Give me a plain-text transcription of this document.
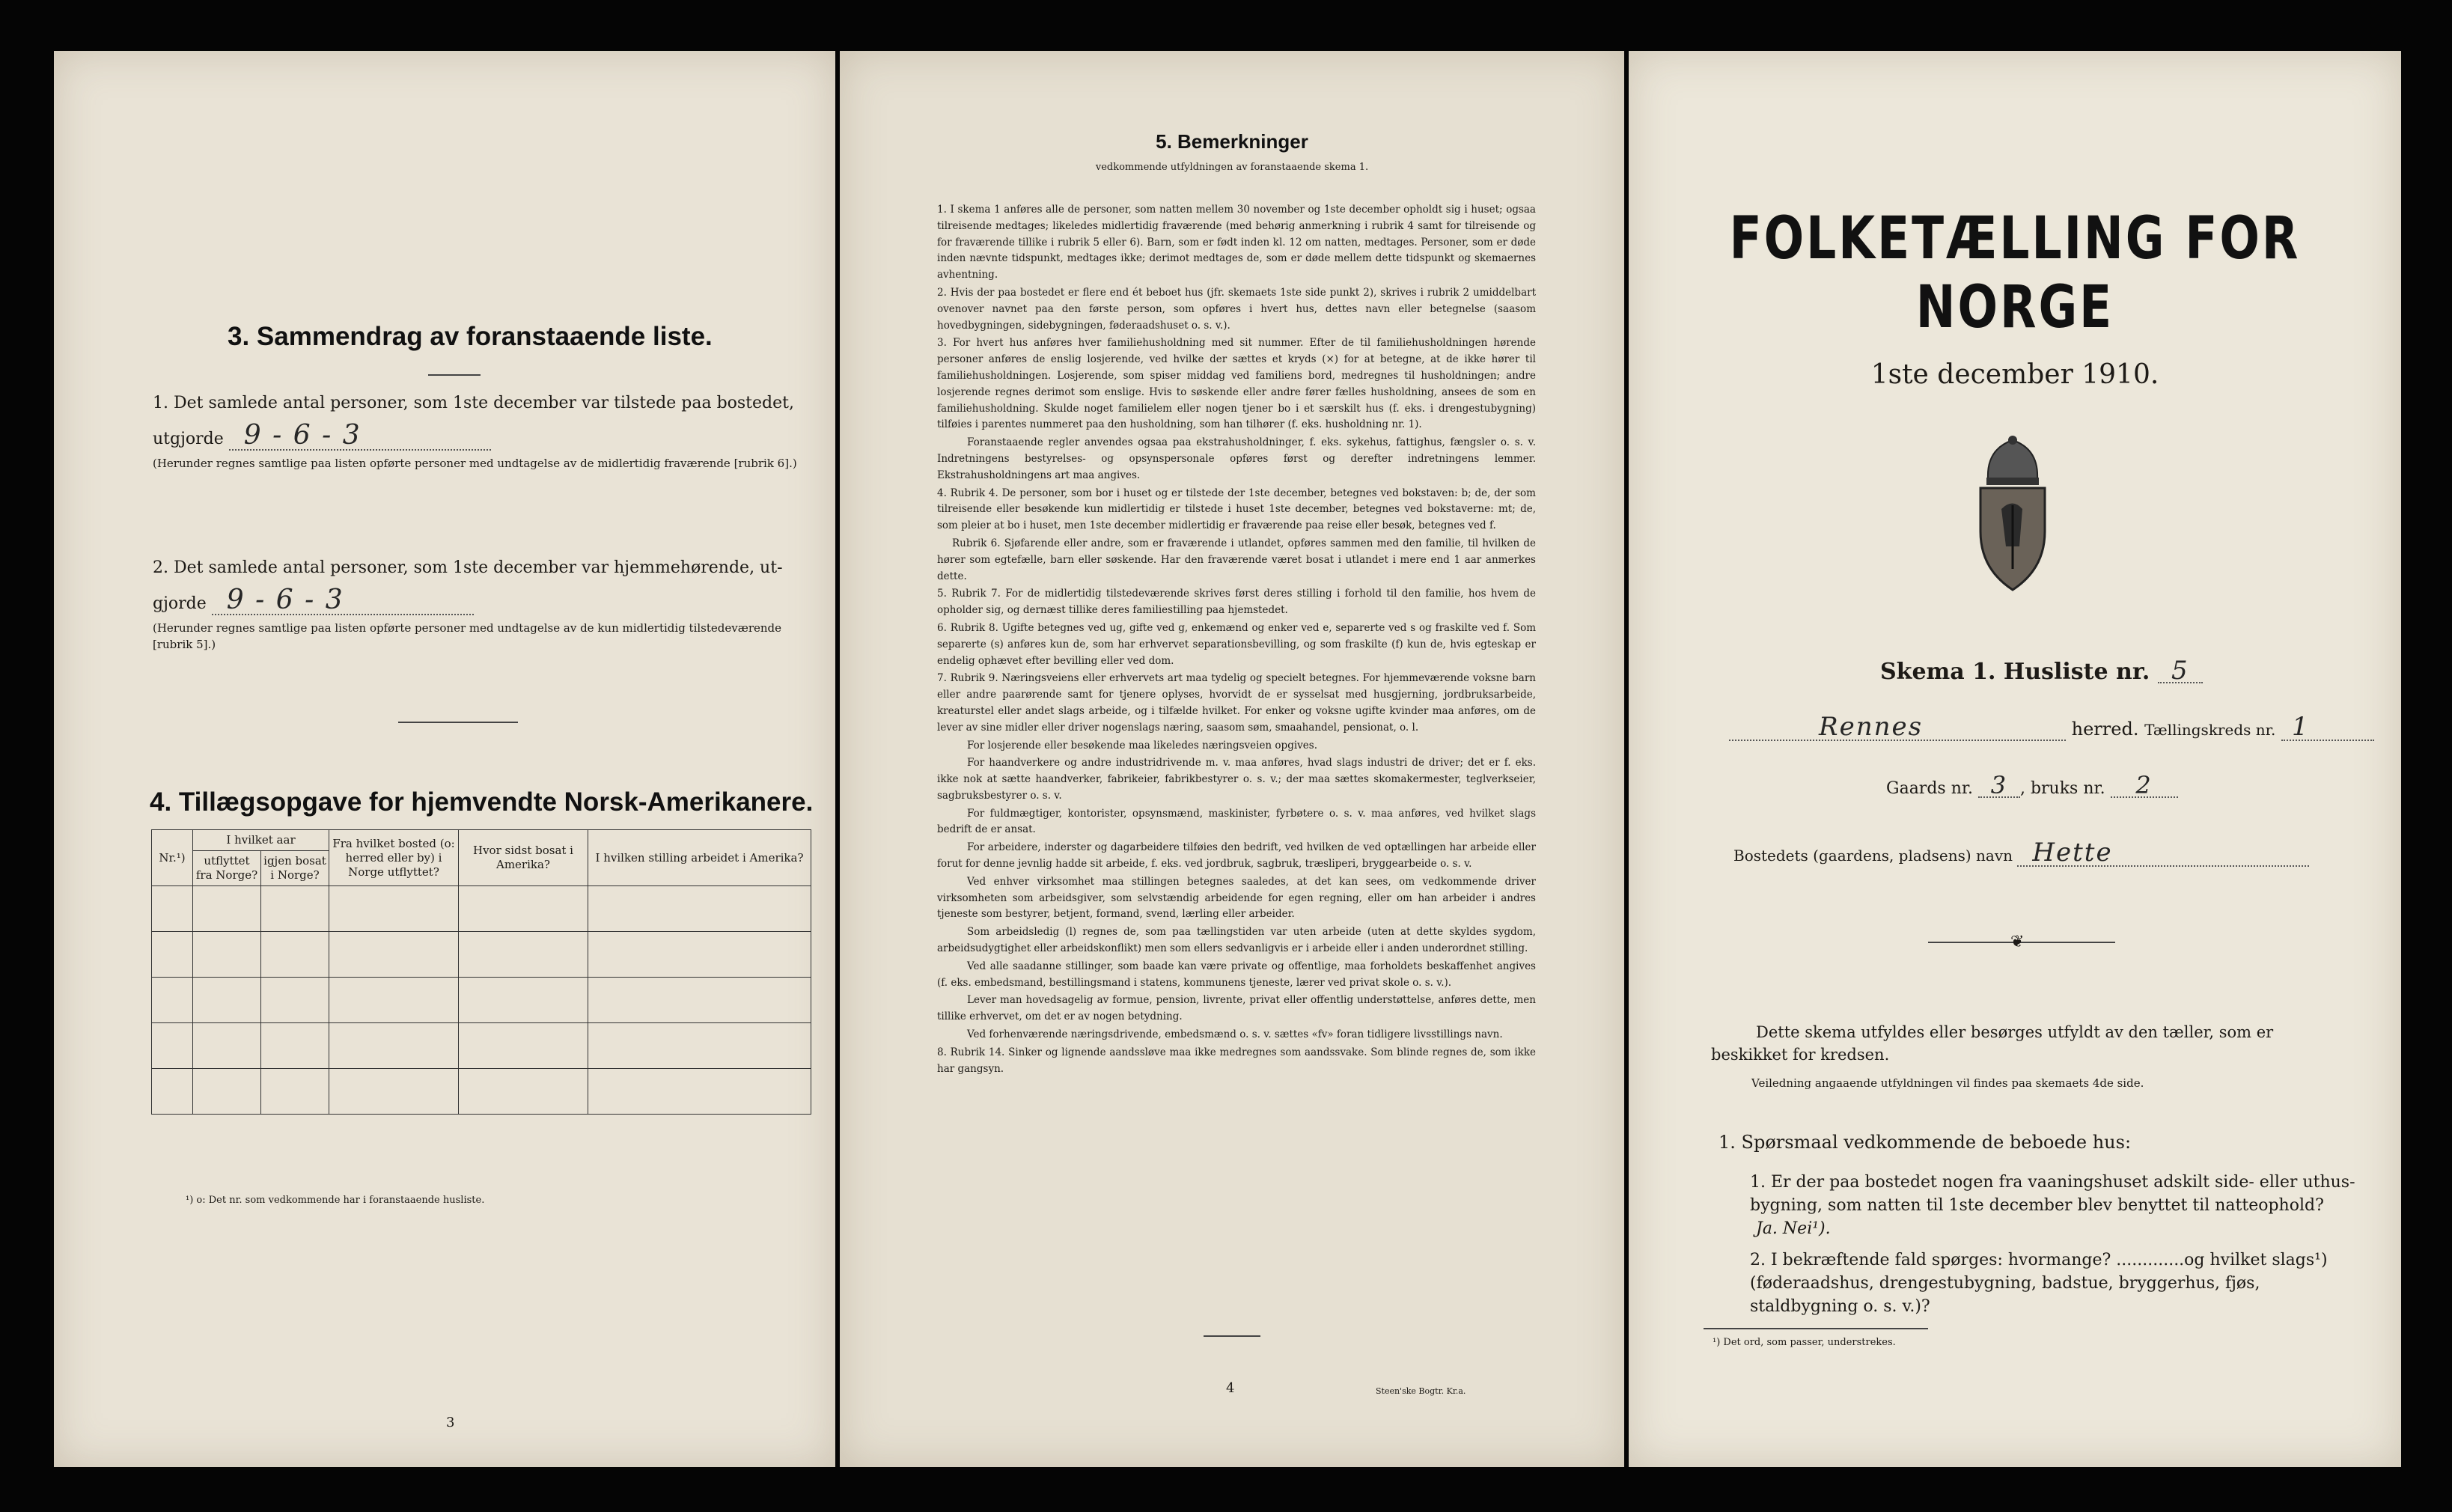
3. Sammendrag av foranstaaende liste.
1. Det samlede antal personer, som 1ste december var tilstede paa bostedet,
utgjorde 9 - 6 - 3
(Herunder regnes samtlige paa listen opførte personer med undtagelse av de midlertidig fraværende [rubrik 6].)
2. Det samlede antal personer, som 1ste december var hjemmehørende, ut-
gjorde 9 - 6 - 3
(Herunder regnes samtlige paa listen opførte personer med undtagelse av de kun midlertidig tilstedeværende [rubrik 5].)
4. Tillægsopgave for hjemvendte Norsk-Amerikanere.
Nr.¹)	I hvilket aar		Fra hvilket bosted (o: herred eller by) i Norge utflyttet?	Hvor sidst bosat i Amerika?	I hvilken stilling arbeidet i Amerika?
	utflyttet fra Norge?	igjen bosat i Norge?			

¹) o: Det nr. som vedkommende har i foranstaaende husliste.
3
5. Bemerkninger
vedkommende utfyldningen av foranstaaende skema 1.

1. I skema 1 anføres alle de personer, som natten mellem 30 november og 1ste december opholdt sig i huset; ogsaa tilreisende medtages; likeledes midlertidig fraværende (med behørig anmerkning i rubrik 4 samt for tilreisende og for fraværende tillike i rubrik 5 eller 6). Barn, som er født inden kl. 12 om natten, medtages. Personer, som er døde inden nævnte tidspunkt, medtages ikke; derimot medtages de, som er døde mellem dette tidspunkt og skemaernes avhentning.

2. Hvis der paa bostedet er flere end ét beboet hus (jfr. skemaets 1ste side punkt 2), skrives i rubrik 2 umiddelbart ovenover navnet paa den første person, som opføres i hvert hus, dettes navn eller betegnelse (saasom hovedbygningen, sidebygningen, føderaadshuset o. s. v.).

3. For hvert hus anføres hver familiehusholdning med sit nummer. Efter de til familiehusholdningen hørende personer anføres de enslig losjerende, ved hvilke der sættes et kryds (×) for at betegne, at de ikke hører til familiehusholdningen. Losjerende, som spiser middag ved familiens bord, medregnes til husholdningen; andre losjerende regnes derimot som enslige. Hvis to søskende eller andre fører fælles husholdning, ansees de som en familiehusholdning. Skulde noget familielem eller nogen tjener bo i et særskilt hus (f. eks. i drengestubygning) tilføies i parentes nummeret paa den husholdning, som han tilhører (f. eks. husholdning nr. 1).

Foranstaaende regler anvendes ogsaa paa ekstrahusholdninger, f. eks. sykehus, fattighus, fængsler o. s. v. Indretningens bestyrelses- og opsynspersonale opføres først og derefter indretningens lemmer. Ekstrahusholdningens art maa angives.

4. Rubrik 4. De personer, som bor i huset og er tilstede der 1ste december, betegnes ved bokstaven: b; de, der som tilreisende eller besøkende kun midlertidig er tilstede i huset 1ste december, betegnes ved bokstaverne: mt; de, som pleier at bo i huset, men 1ste december midlertidig er fraværende paa reise eller besøk, betegnes ved f.

Rubrik 6. Sjøfarende eller andre, som er fraværende i utlandet, opføres sammen med den familie, til hvilken de hører som egtefælle, barn eller søskende. Har den fraværende været bosat i utlandet i mere end 1 aar anmerkes dette.

5. Rubrik 7. For de midlertidig tilstedeværende skrives først deres stilling i forhold til den familie, hos hvem de opholder sig, og dernæst tillike deres familiestilling paa hjemstedet.

6. Rubrik 8. Ugifte betegnes ved ug, gifte ved g, enkemænd og enker ved e, separerte ved s og fraskilte ved f. Som separerte (s) anføres kun de, som har erhvervet separationsbevilling, og som fraskilte (f) kun de, hvis egteskap er endelig ophævet efter bevilling eller ved dom.

7. Rubrik 9. Næringsveiens eller erhvervets art maa tydelig og specielt betegnes. For hjemmeværende voksne barn eller andre paarørende samt for tjenere oplyses, hvorvidt de er sysselsat med husgjerning, jordbruksarbeide, kreaturstel eller andet slags arbeide, og i tilfælde hvilket. For enker og voksne ugifte kvinder maa anføres, om de lever av sine midler eller driver nogenslags næring, saasom søm, smaahandel, pensionat, o. l.

For losjerende eller besøkende maa likeledes næringsveien opgives.

For haandverkere og andre industridrivende m. v. maa anføres, hvad slags industri de driver; det er f. eks. ikke nok at sætte haandverker, fabrikeier, fabrikbestyrer o. s. v.; der maa sættes skomakermester, teglverkseier, sagbruksbestyrer o. s. v.

For fuldmægtiger, kontorister, opsynsmænd, maskinister, fyrbøtere o. s. v. maa anføres, ved hvilket slags bedrift de er ansat.

For arbeidere, inderster og dagarbeidere tilføies den bedrift, ved hvilken de ved optællingen har arbeide eller forut for denne jevnlig hadde sit arbeide, f. eks. ved jordbruk, sagbruk, træsliperi, bryggearbeide o. s. v.

Ved enhver virksomhet maa stillingen betegnes saaledes, at det kan sees, om vedkommende driver virksomheten som arbeidsgiver, som selvstændig arbeidende for egen regning, eller om han arbeider i andres tjeneste som bestyrer, betjent, formand, svend, lærling eller arbeider.

Som arbeidsledig (l) regnes de, som paa tællingstiden var uten arbeide (uten at dette skyldes sygdom, arbeidsudygtighet eller arbeidskonflikt) men som ellers sedvanligvis er i arbeide eller i anden underordnet stilling.

Ved alle saadanne stillinger, som baade kan være private og offentlige, maa forholdets beskaffenhet angives (f. eks. embedsmand, bestillingsmand i statens, kommunens tjeneste, lærer ved privat skole o. s. v.).

Lever man hovedsagelig av formue, pension, livrente, privat eller offentlig understøttelse, anføres dette, men tillike erhvervet, om det er av nogen betydning.

Ved forhenværende næringsdrivende, embedsmænd o. s. v. sættes «fv» foran tidligere livsstillings navn.

8. Rubrik 14. Sinker og lignende aandssløve maa ikke medregnes som aandssvake. Som blinde regnes de, som ikke har gangsyn.

4	Steen'ske Bogtr. Kr.a.
FOLKETÆLLING FOR NORGE
1ste december 1910.
Skema 1. Husliste nr. 5
Rennes	herred. Tællingskreds nr. 1
Gaards nr. 3 , bruks nr. 2
Bostedets (gaardens, pladsens) navn Hette
❦
Dette skema utfyldes eller besørges utfyldt av den tæller, som er beskikket for kredsen.
Veiledning angaaende utfyldningen vil findes paa skemaets 4de side.
1. Spørsmaal vedkommende de beboede hus:
1. Er der paa bostedet nogen fra vaaningshuset adskilt side- eller uthus-bygning, som natten til 1ste december blev benyttet til natteophold? Ja. Nei¹).
2. I bekræftende fald spørges: hvormange? .............og hvilket slags¹) (føderaadshus, drengestubygning, badstue, bryggerhus, fjøs, staldbygning o. s. v.)?
¹) Det ord, som passer, understrekes.
